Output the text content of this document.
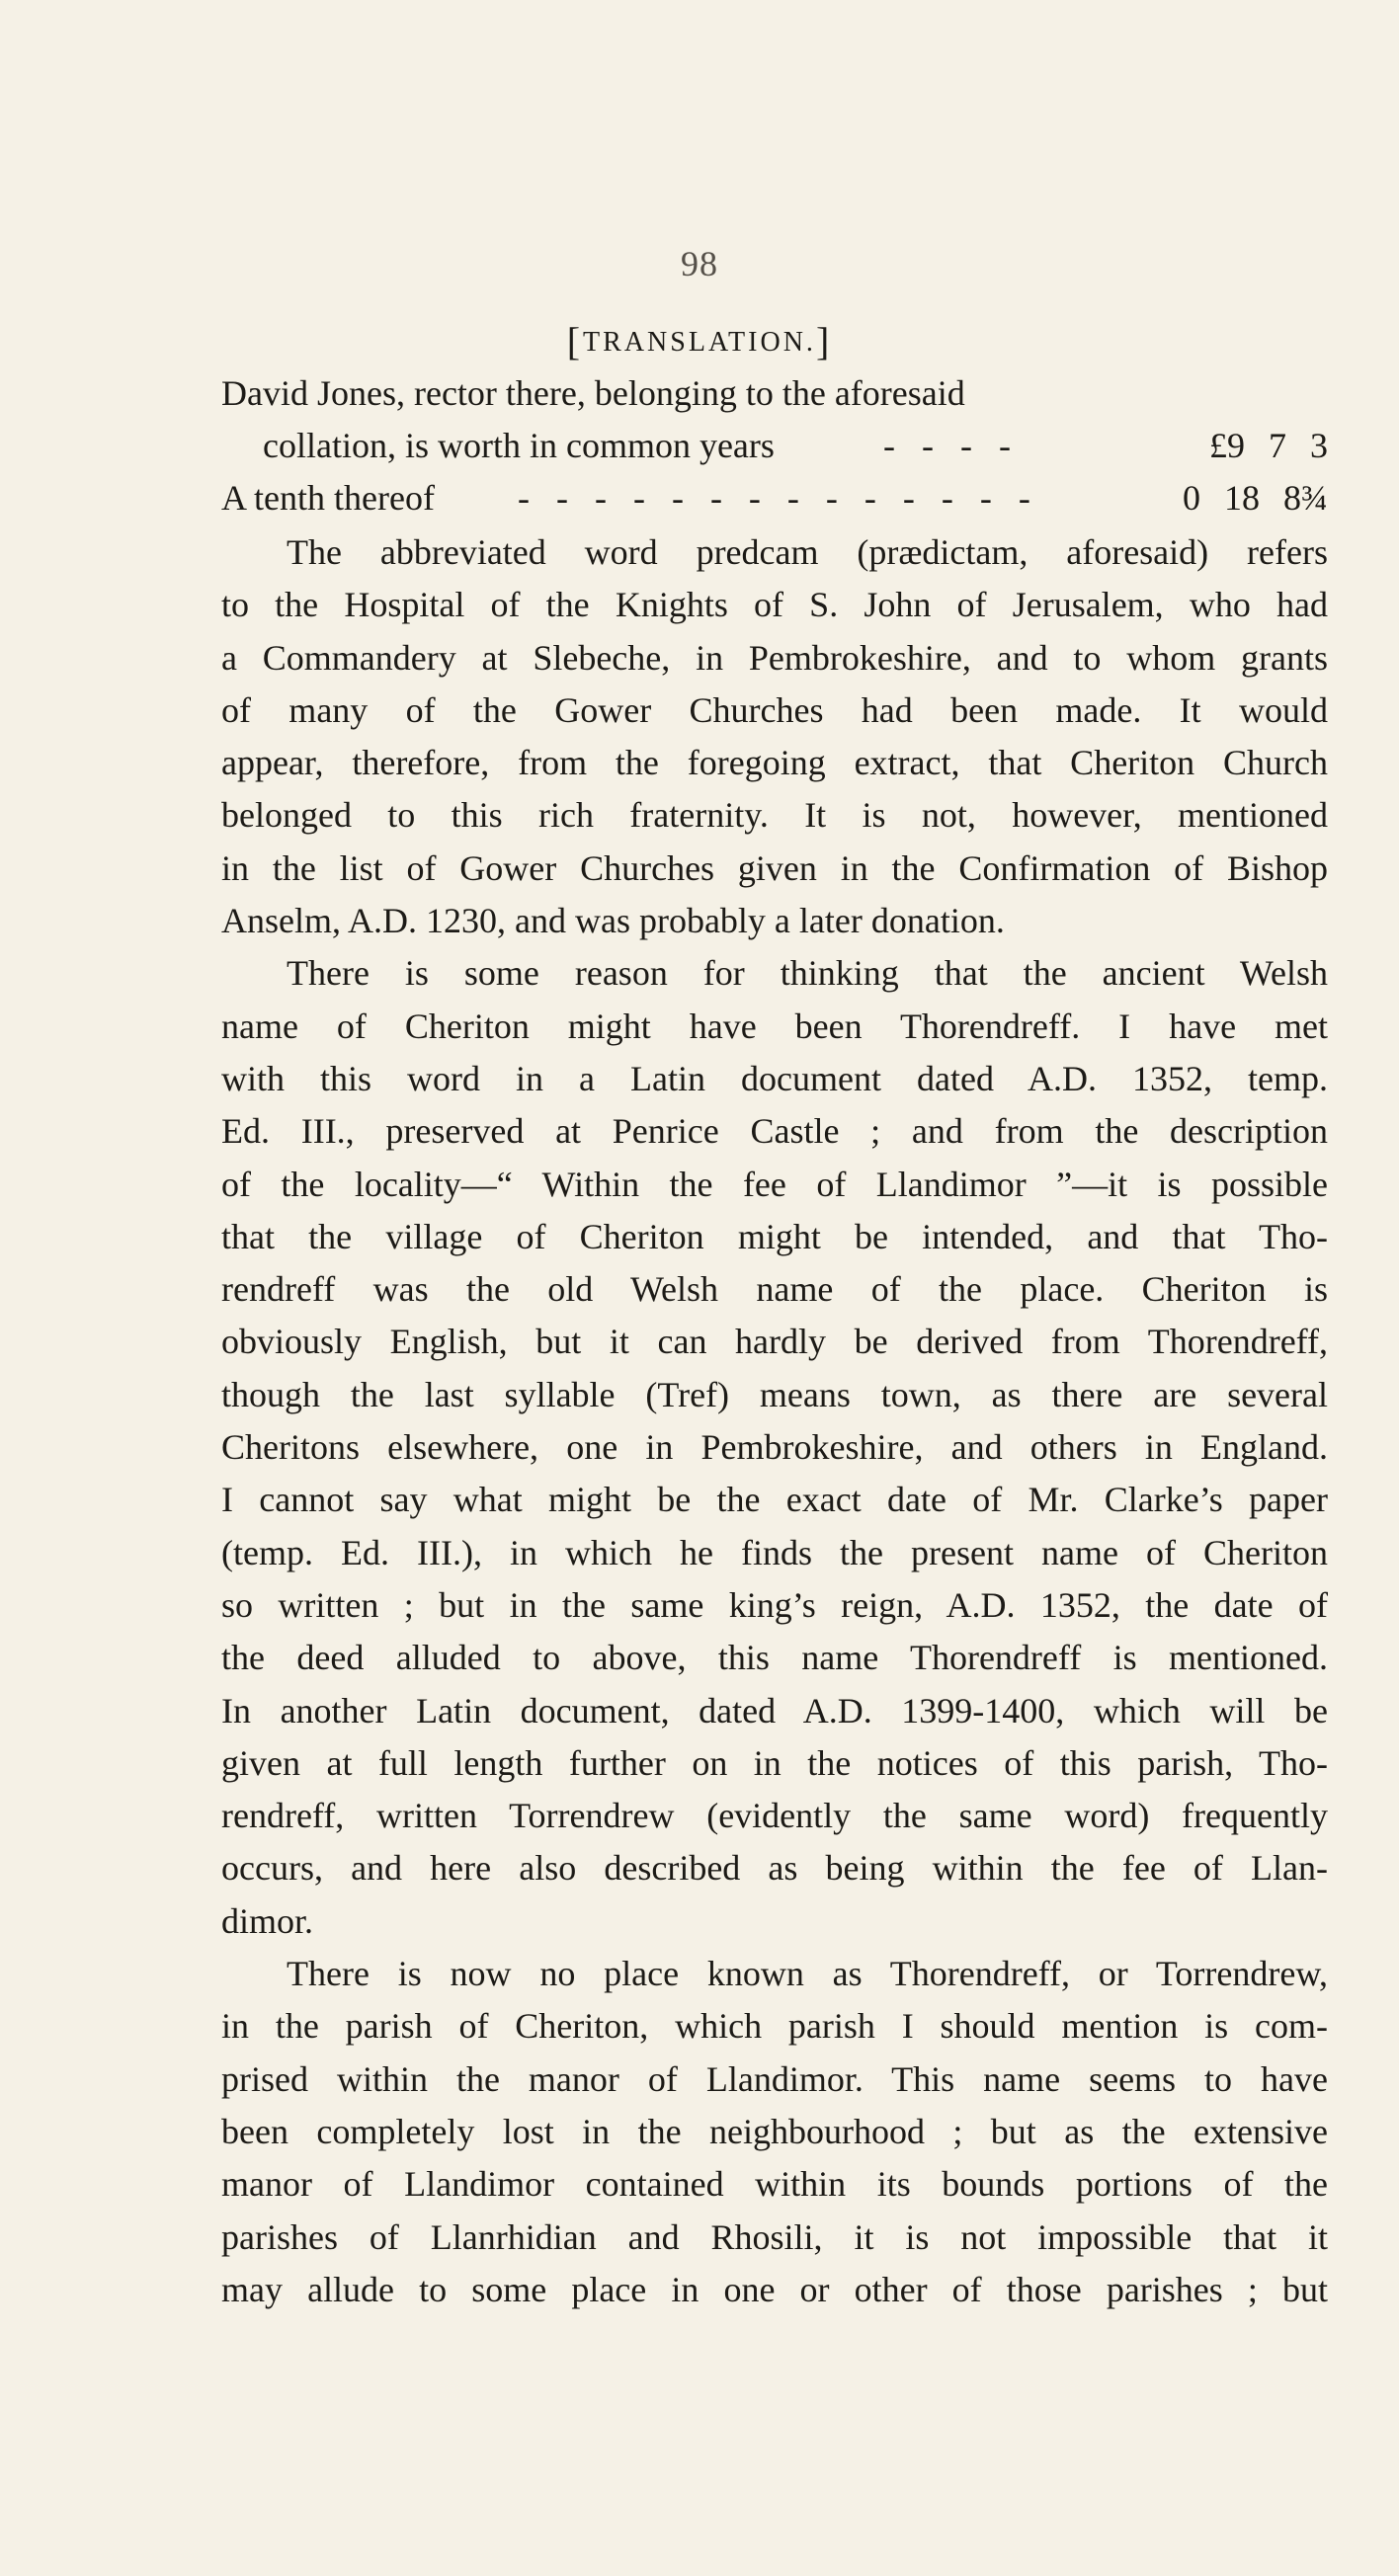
98
[TRANSLATION.]
David Jones, rector there, belonging to the aforesaid
collation, is worth in common years	- - - -	£9 7 3
A tenth thereof - - - - - - - - - - - - - -	0 18 8¾
The abbreviated word predcam (prædictam, aforesaid) refers
to the Hospital of the Knights of S. John of Jerusalem, who had
a Commandery at Slebeche, in Pembrokeshire, and to whom grants
of many of the Gower Churches had been made. It would
appear, therefore, from the foregoing extract, that Cheriton Church
belonged to this rich fraternity. It is not, however, mentioned
in the list of Gower Churches given in the Confirmation of Bishop
Anselm, A.D. 1230, and was probably a later donation.
There is some reason for thinking that the ancient Welsh
name of Cheriton might have been Thorendreff. I have met
with this word in a Latin document dated A.D. 1352, temp.
Ed. III., preserved at Penrice Castle ; and from the description
of the locality—“ Within the fee of Llandimor ”—it is possible
that the village of Cheriton might be intended, and that Tho-
rendreff was the old Welsh name of the place. Cheriton is
obviously English, but it can hardly be derived from Thorendreff,
though the last syllable (Tref) means town, as there are several
Cheritons elsewhere, one in Pembrokeshire, and others in England.
I cannot say what might be the exact date of Mr. Clarke’s paper
(temp. Ed. III.), in which he finds the present name of Cheriton
so written ; but in the same king’s reign, A.D. 1352, the date of
the deed alluded to above, this name Thorendreff is mentioned.
In another Latin document, dated A.D. 1399-1400, which will be
given at full length further on in the notices of this parish, Tho-
rendreff, written Torrendrew (evidently the same word) frequently
occurs, and here also described as being within the fee of Llan-
dimor.
There is now no place known as Thorendreff, or Torrendrew,
in the parish of Cheriton, which parish I should mention is com-
prised within the manor of Llandimor. This name seems to have
been completely lost in the neighbourhood ; but as the extensive
manor of Llandimor contained within its bounds portions of the
parishes of Llanrhidian and Rhosili, it is not impossible that it
may allude to some place in one or other of those parishes ; but
